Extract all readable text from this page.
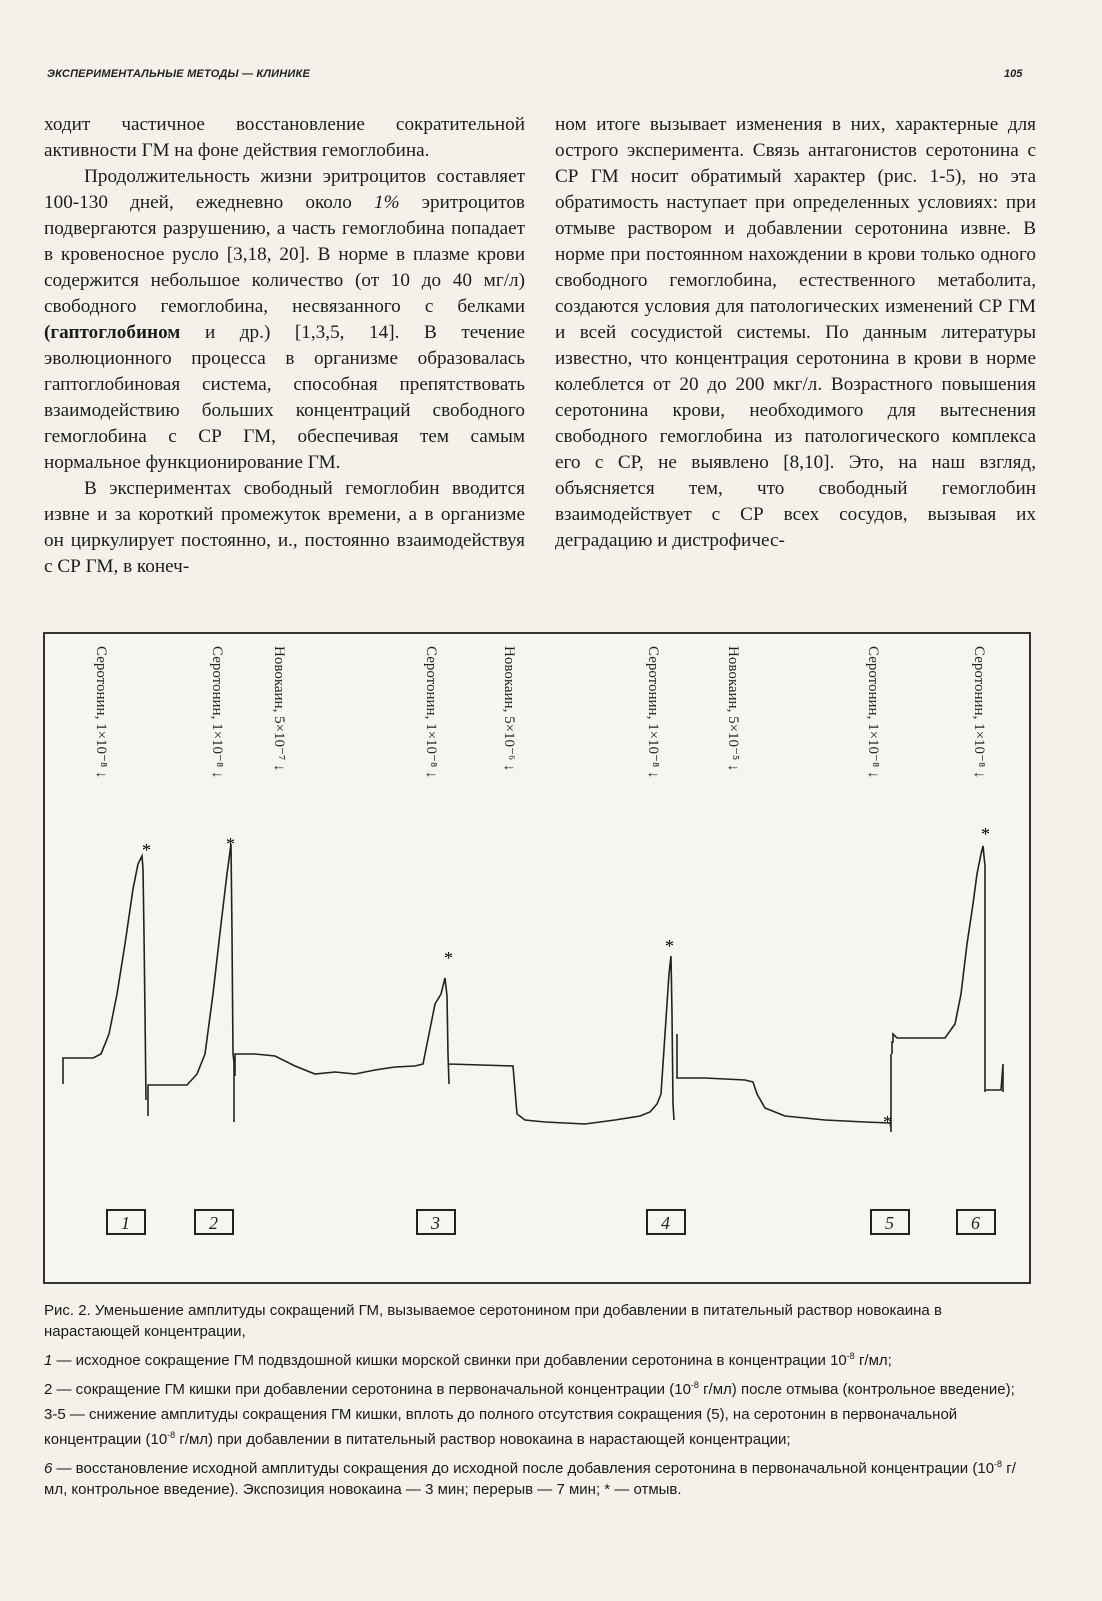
ЭКСПЕРИМЕНТАЛЬНЫЕ МЕТОДЫ — КЛИНИКЕ	105

ходит частичное восстановление сократительной активности ГМ на фоне действия гемоглобина.

Продолжительность жизни эритроцитов составляет 100-130 дней, ежедневно около 1% эритроцитов подвергаются разрушению, а часть гемоглобина попадает в кровеносное русло [3,18, 20]. В норме в плазме крови содержится небольшое количество (от 10 до 40 мг/л) свободного гемоглобина, несвязанного с белками (гаптоглобином и др.) [1,3,5, 14]. В течение эволюционного процесса в организме образовалась гаптоглобиновая система, способная препятствовать взаимодействию больших концентраций свободного гемоглобина с СР ГМ, обеспечивая тем самым нормальное функционирование ГМ.

В экспериментах свободный гемоглобин вводится извне и за короткий промежуток времени, а в организме он циркулирует постоянно, и., постоянно взаимодействуя с СР ГМ, в конеч-

ном итоге вызывает изменения в них, характерные для острого эксперимента. Связь антагонистов серотонина с СР ГМ носит обратимый характер (рис. 1-5), но эта обратимость наступает при определенных условиях: при отмыве раствором и добавлении серотонина извне. В норме при постоянном нахождении в крови только одного свободного гемоглобина, естественного метаболита, создаются условия для патологических изменений СР ГМ и всей сосудистой системы. По данным литературы известно, что концентрация серотонина в крови в норме колеблется от 20 до 200 мкг/л. Возрастного повышения серотонина крови, необходимого для вытеснения свободного гемоглобина из патологического комплекса его с СР, не выявлено [8,10]. Это, на наш взгляд, объясняется тем, что свободный гемоглобин взаимодействует с СР всех сосудов, вызывая их деградацию и дистрофичес-

*	*
*
*
*
*
Серотонин, 1×10⁻⁸ ↓	Серотонин, 1×10⁻⁸ ↓	Новокаин, 5×10⁻⁷ ↓	Серотонин, 1×10⁻⁸ ↓	Новокаин, 5×10⁻⁶ ↓	Серотонин, 1×10⁻⁸ ↓	Новокаин, 5×10⁻⁵ ↓	Серотонин, 1×10⁻⁸ ↓	Серотонин, 1×10⁻⁸ ↓
1	2	3	4	5	6

Рис. 2. Уменьшение амплитуды сокращений ГМ, вызываемое серотонином при добавлении в питательный раствор новокаина в нарастающей концентрации,

1 — исходное сокращение ГМ подвздошной кишки морской свинки при добавлении серотонина в концентрации $10^{-8}$ г/мл;

2 — сокращение ГМ кишки при добавлении серотонина в первоначальной концентрации ($10^{-8}$ г/мл) после отмыва (контрольное введение);

3-5 — снижение амплитуды сокращения ГМ кишки, вплоть до полного отсутствия сокращения (5), на серотонин в первоначальной концентрации ($10^{-8}$ г/мл) при добавлении в питательный раствор новокаина в нарастающей концентрации;

6 — восстановление исходной амплитуды сокращения до исходной после добавления серотонина в первоначальной концентрации ($10^{-8}$ г/мл, контрольное введение). Экспозиция новокаина — 3 мин; перерыв — 7 мин; * — отмыв.
